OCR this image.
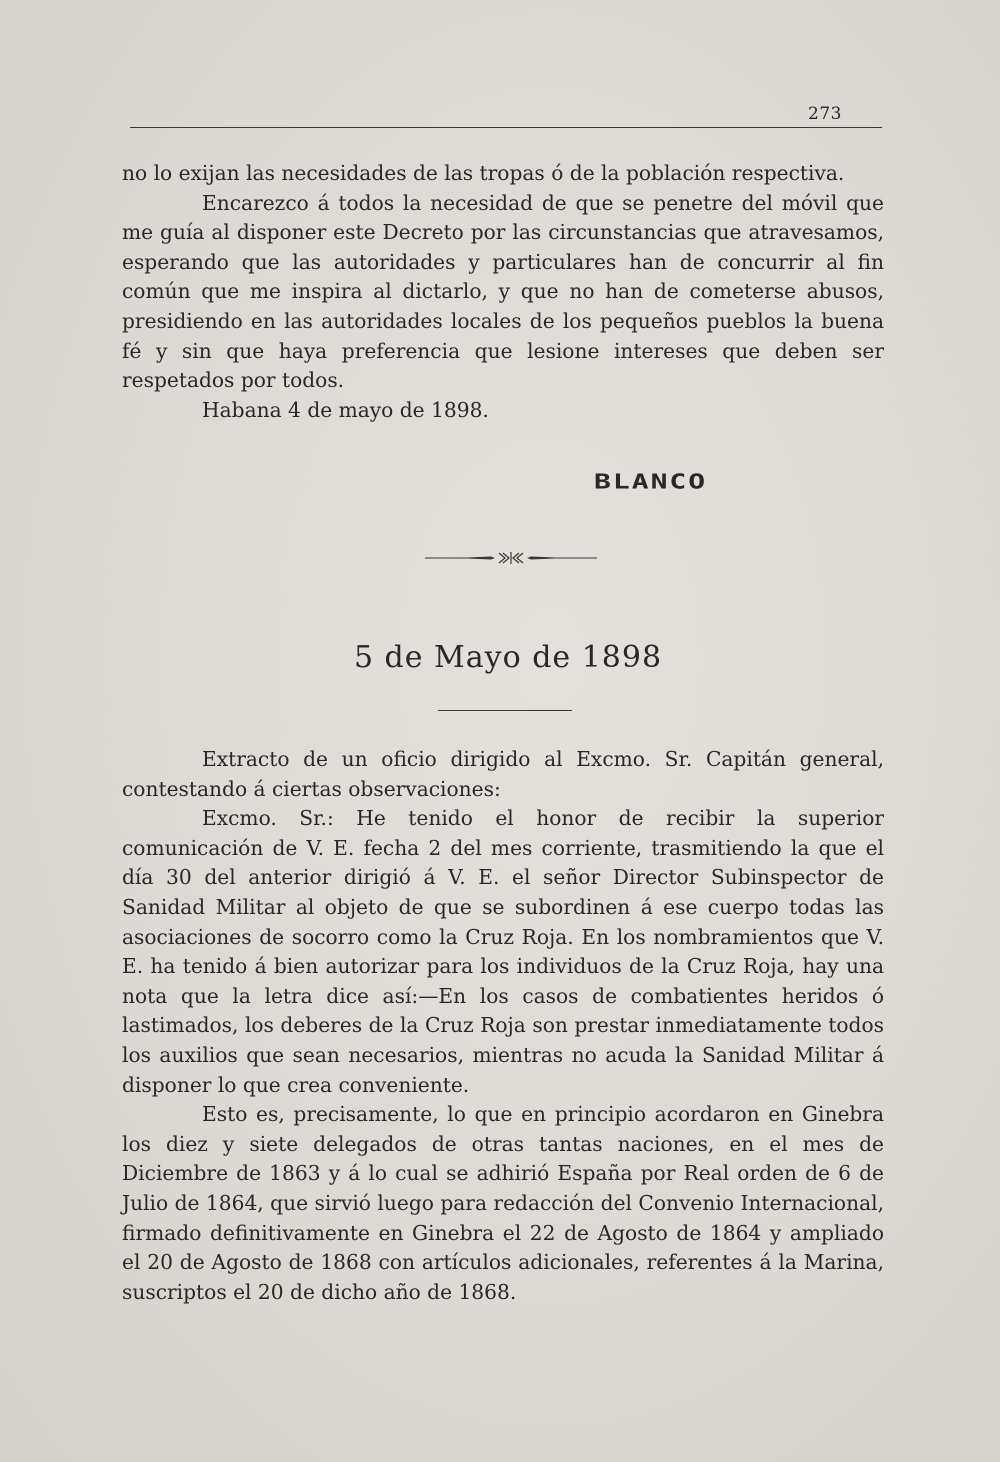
273

no lo exijan las necesidades de las tropas ó de la población respectiva.

Encarezco á todos la necesidad de que se penetre del móvil que me guía al disponer este Decreto por las circunstancias que atravesamos, esperando que las autoridades y particulares han de concurrir al fin común que me inspira al dictarlo, y que no han de cometerse abusos, presidiendo en las autoridades locales de los pequeños pueblos la buena fé y sin que haya preferencia que lesione intereses que deben ser respetados por todos.

Habana 4 de mayo de 1898.

BLANCO
5 de Mayo de 1898

Extracto de un oficio dirigido al Excmo. Sr. Capitán general, contestando á ciertas observaciones:

Excmo. Sr.: He tenido el honor de recibir la superior comunicación de V. E. fecha 2 del mes corriente, trasmitiendo la que el día 30 del anterior dirigió á V. E. el señor Director Subinspector de Sanidad Militar al objeto de que se subordinen á ese cuerpo todas las asociaciones de socorro como la Cruz Roja. En los nombramientos que V. E. ha tenido á bien autorizar para los individuos de la Cruz Roja, hay una nota que la letra dice así:—En los casos de combatientes heridos ó lastimados, los deberes de la Cruz Roja son prestar inmediatamente todos los auxilios que sean necesarios, mientras no acuda la Sanidad Militar á disponer lo que crea conveniente.

Esto es, precisamente, lo que en principio acordaron en Ginebra los diez y siete delegados de otras tantas naciones, en el mes de Diciembre de 1863 y á lo cual se adhirió España por Real orden de 6 de Julio de 1864, que sirvió luego para redacción del Convenio Internacional, firmado definitivamente en Ginebra el 22 de Agosto de 1864 y ampliado el 20 de Agosto de 1868 con artículos adicionales, referentes á la Marina, suscriptos el 20 de dicho año de 1868.
